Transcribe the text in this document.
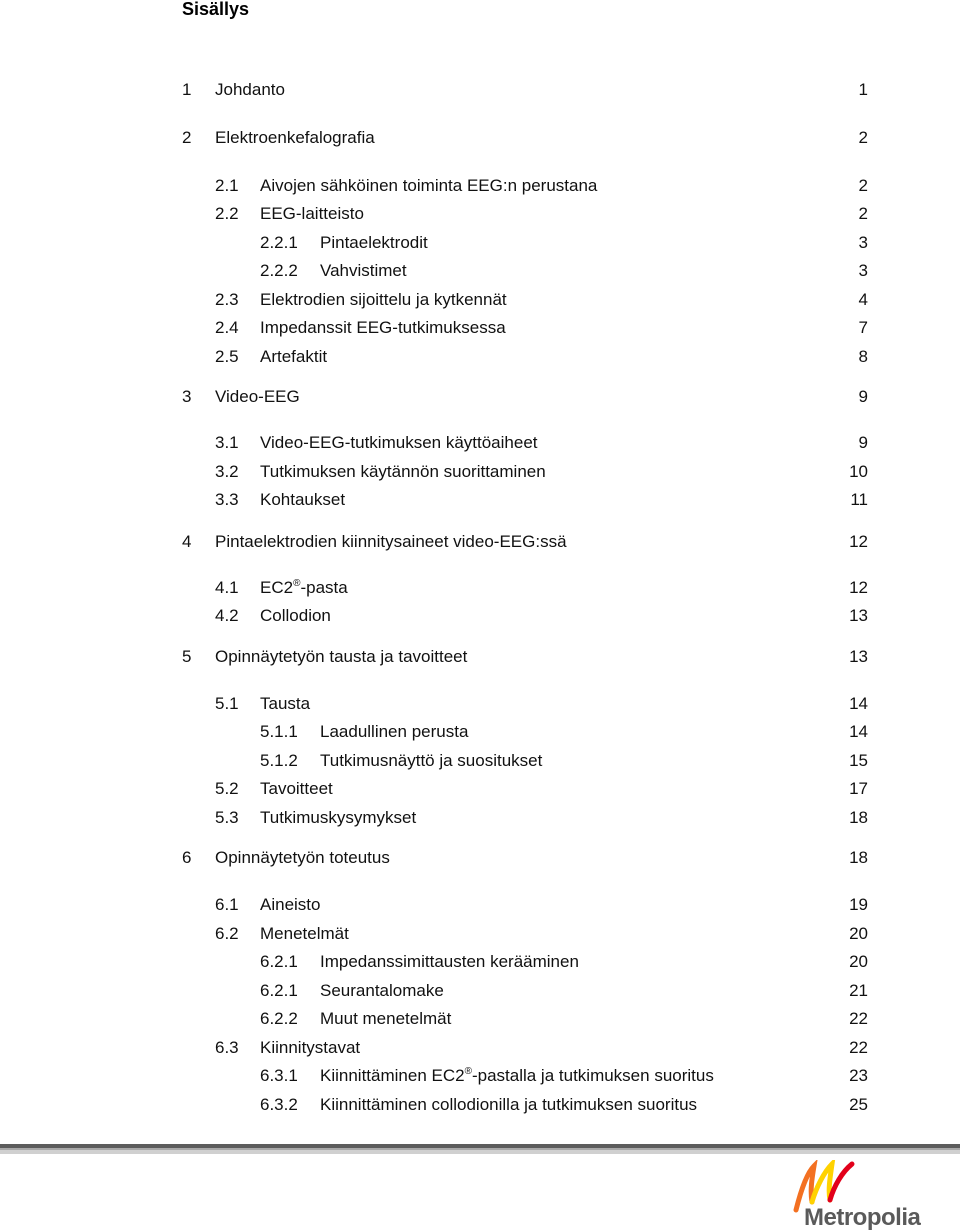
Sisällys
1 Johdanto	1
2 Elektroenkefalografia	2
2.1 Aivojen sähköinen toiminta EEG:n perustana	2
2.2 EEG-laitteisto	2
2.2.1 Pintaelektrodit	3
2.2.2 Vahvistimet	3
2.3 Elektrodien sijoittelu ja kytkennät	4
2.4 Impedanssit EEG-tutkimuksessa	7
2.5 Artefaktit	8
3 Video-EEG	9
3.1 Video-EEG-tutkimuksen käyttöaiheet	9
3.2 Tutkimuksen käytännön suorittaminen	10
3.3 Kohtaukset	11
4 Pintaelektrodien kiinnitysaineet video-EEG:ssä	12
4.1 EC2®-pasta	12
4.2 Collodion	13
5 Opinnäytetyön tausta ja tavoitteet	13
5.1 Tausta	14
5.1.1 Laadullinen perusta	14
5.1.2 Tutkimusnäyttö ja suositukset	15
5.2 Tavoitteet	17
5.3 Tutkimuskysymykset	18
6 Opinnäytetyön toteutus	18
6.1 Aineisto	19
6.2 Menetelmät	20
6.2.1 Impedanssimittausten kerääminen	20
6.2.1 Seurantalomake	21
6.2.2 Muut menetelmät	22
6.3 Kiinnitystavat	22
6.3.1 Kiinnittäminen EC2®-pastalla ja tutkimuksen suoritus	23
6.3.2 Kiinnittäminen collodionilla ja tutkimuksen suoritus	25
Metropolia
